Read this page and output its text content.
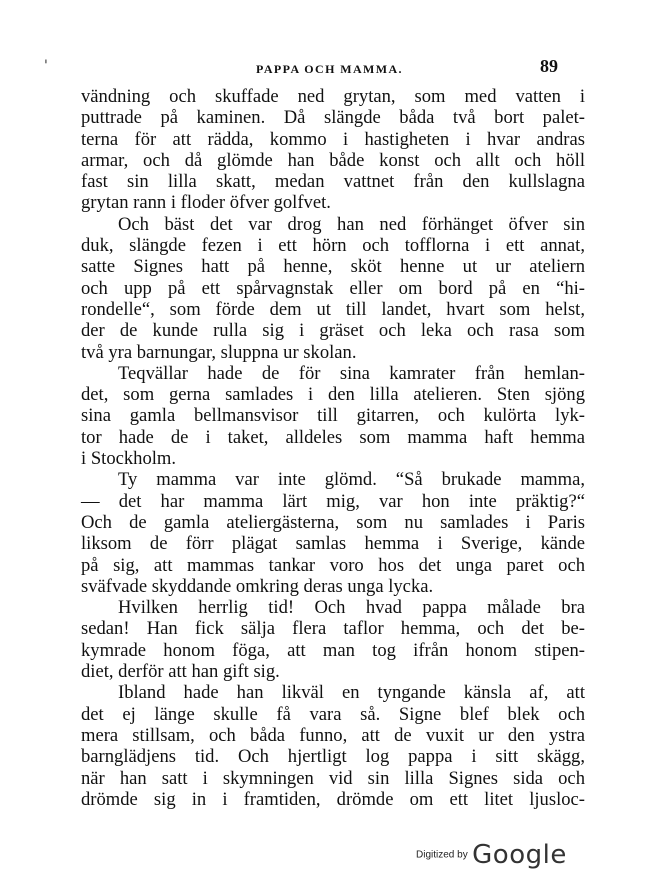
'	PAPPA OCH MAMMA.	89
vändning och skuffade ned grytan, som med vatten i
puttrade på kaminen. Då slängde båda två bort palet-
terna för att rädda, kommo i hastigheten i hvar andras
armar, och då glömde han både konst och allt och höll
fast sin lilla skatt, medan vattnet från den kullslagna
grytan rann i floder öfver golfvet.
Och bäst det var drog han ned förhänget öfver sin
duk, slängde fezen i ett hörn och tofflorna i ett annat,
satte Signes hatt på henne, sköt henne ut ur ateliern
och upp på ett spårvagnstak eller om bord på en “hi-
rondelle“, som förde dem ut till landet, hvart som helst,
der de kunde rulla sig i gräset och leka och rasa som
två yra barnungar, sluppna ur skolan.
Teqvällar hade de för sina kamrater från hemlan-
det, som gerna samlades i den lilla atelieren. Sten sjöng
sina gamla bellmansvisor till gitarren, och kulörta lyk-
tor hade de i taket, alldeles som mamma haft hemma
i Stockholm.
Ty mamma var inte glömd. “Så brukade mamma,
— det har mamma lärt mig, var hon inte präktig?“
Och de gamla ateliergästerna, som nu samlades i Paris
liksom de förr plägat samlas hemma i Sverige, kände
på sig, att mammas tankar voro hos det unga paret och
sväfvade skyddande omkring deras unga lycka.
Hvilken herrlig tid! Och hvad pappa målade bra
sedan! Han fick sälja flera taflor hemma, och det be-
kymrade honom föga, att man tog ifrån honom stipen-
diet, derför att han gift sig.
Ibland hade han likväl en tyngande känsla af, att
det ej länge skulle få vara så. Signe blef blek och
mera stillsam, och båda funno, att de vuxit ur den ystra
barnglädjens tid. Och hjertligt log pappa i sitt skägg,
när han satt i skymningen vid sin lilla Signes sida och
drömde sig in i framtiden, drömde om ett litet ljusloc-
Digitized by Google
